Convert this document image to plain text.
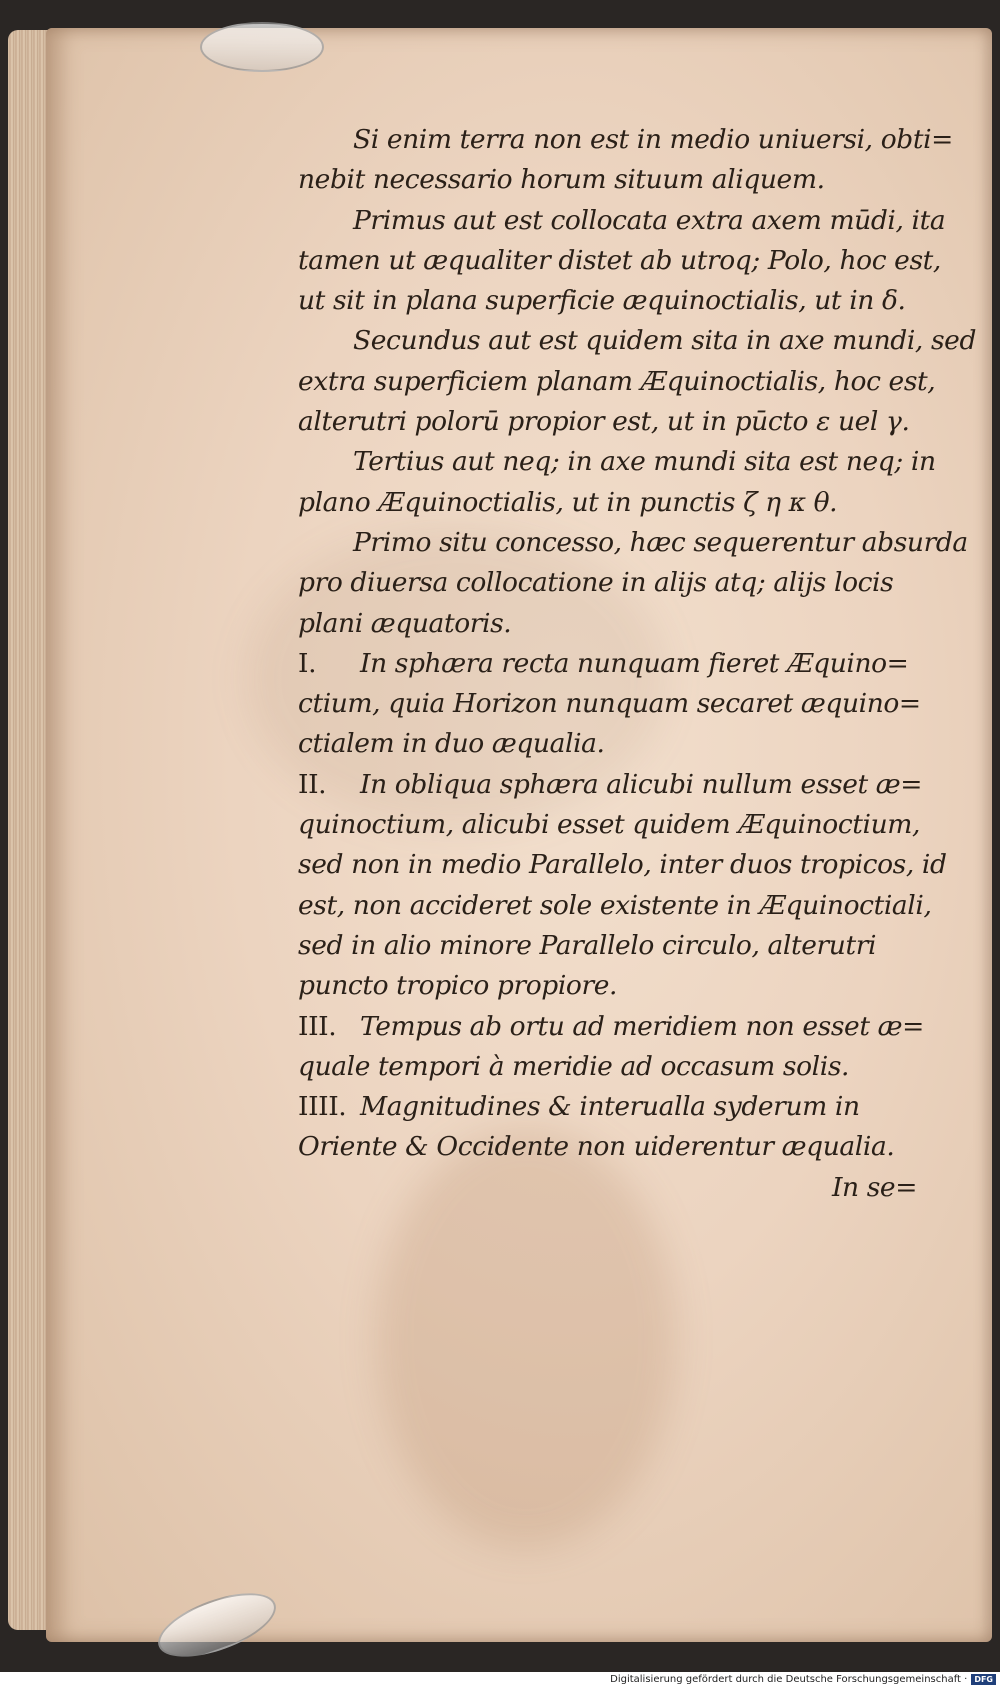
Si enim terra non est in medio uniuersi, obti=
nebit necessario horum situum aliquem.
Primus aut est collocata extra axem mūdi, ita
tamen ut æqualiter distet ab utroq; Polo, hoc est,
ut sit in plana superficie æquinoctialis, ut in δ.
Secundus aut est quidem sita in axe mundi, sed
extra superficiem planam Æquinoctialis, hoc est,
alterutri polorū propior est, ut in pūcto ε uel γ.
Tertius aut neq; in axe mundi sita est neq; in
plano Æquinoctialis, ut in punctis ζ η κ θ.
Primo situ concesso, hæc sequerentur absurda
pro diuersa collocatione in alijs atq; alijs locis
plani æquatoris.
I. In sphæra recta nunquam fieret Æquino=
ctium, quia Horizon nunquam secaret æquino=
ctialem in duo æqualia.
II. In obliqua sphæra alicubi nullum esset æ=
quinoctium, alicubi esset quidem Æquinoctium,
sed non in medio Parallelo, inter duos tropicos, id
est, non accideret sole existente in Æquinoctiali,
sed in alio minore Parallelo circulo, alterutri
puncto tropico propiore.
III. Tempus ab ortu ad meridiem non esset æ=
quale tempori à meridie ad occasum solis.
IIII. Magnitudines & interualla syderum in
Oriente & Occidente non uiderentur æqualia.
In se=
Digitalisierung gefördert durch die Deutsche Forschungsgemeinschaft · DFG
